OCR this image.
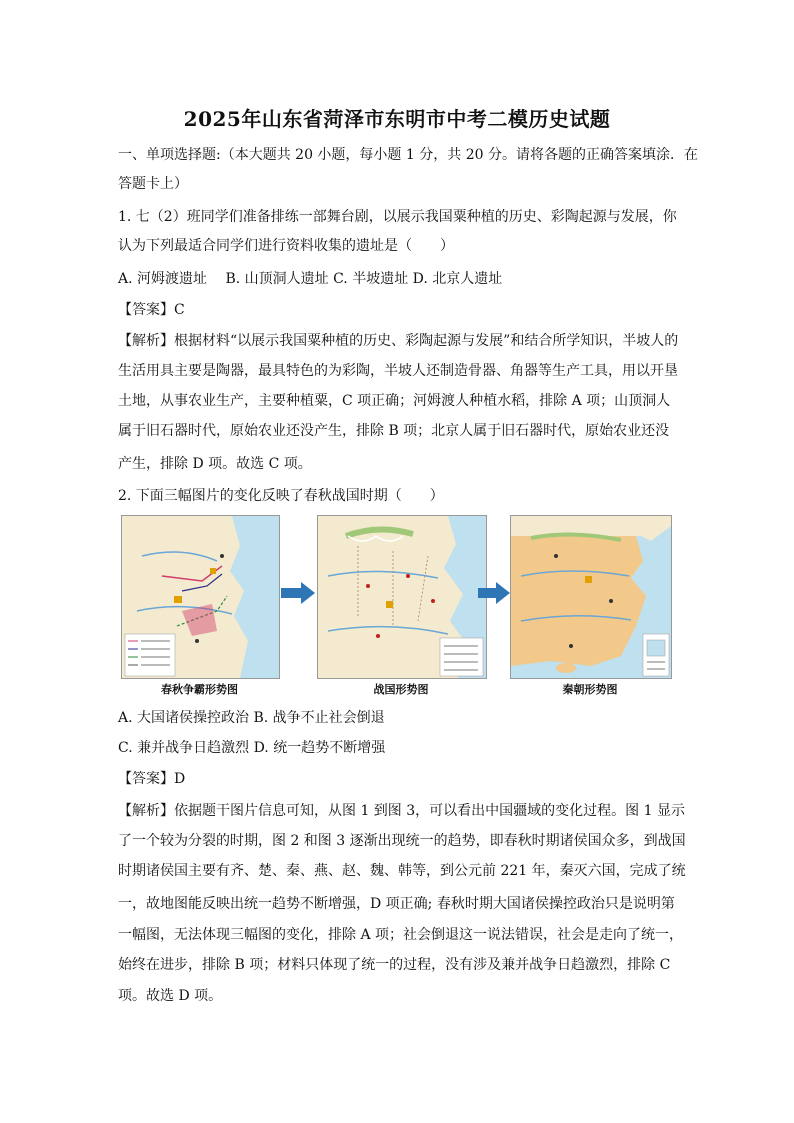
2025年山东省菏泽市东明市中考二模历史试题
一、单项选择题:（本大题共 20 小题，每小题 1 分，共 20 分。请将各题的正确答案填涂．在
答题卡上）
1. 七（2）班同学们准备排练一部舞台剧，以展示我国粟种植的历史、彩陶起源与发展，你
认为下列最适合同学们进行资料收集的遗址是（　　）
A. 河姆渡遗址　 B. 山顶洞人遗址 C. 半坡遗址 D. 北京人遗址
【答案】C
【解析】根据材料“以展示我国粟种植的历史、彩陶起源与发展”和结合所学知识，半坡人的
生活用具主要是陶器，最具特色的为彩陶，半坡人还制造骨器、角器等生产工具，用以开垦
土地，从事农业生产，主要种植粟，C 项正确；河姆渡人种植水稻，排除 A 项；山顶洞人
属于旧石器时代，原始农业还没产生，排除 B 项；北京人属于旧石器时代，原始农业还没
产生，排除 D 项。故选 C 项。
2. 下面三幅图片的变化反映了春秋战国时期（　　）
春秋争霸形势图	战国形势图	秦朝形势图
A. 大国诸侯操控政治 B. 战争不止社会倒退
C. 兼并战争日趋激烈 D. 统一趋势不断增强
【答案】D
【解析】依据题干图片信息可知，从图 1 到图 3，可以看出中国疆域的变化过程。图 1 显示
了一个较为分裂的时期，图 2 和图 3 逐渐出现统一的趋势，即春秋时期诸侯国众多，到战国
时期诸侯国主要有齐、楚、秦、燕、赵、魏、韩等，到公元前 221 年，秦灭六国，完成了统
一，故地图能反映出统一趋势不断增强，D 项正确; 春秋时期大国诸侯操控政治只是说明第
一幅图，无法体现三幅图的变化，排除 A 项；社会倒退这一说法错误，社会是走向了统一，
始终在进步，排除 B 项；材料只体现了统一的过程，没有涉及兼并战争日趋激烈，排除 C
项。故选 D 项。
